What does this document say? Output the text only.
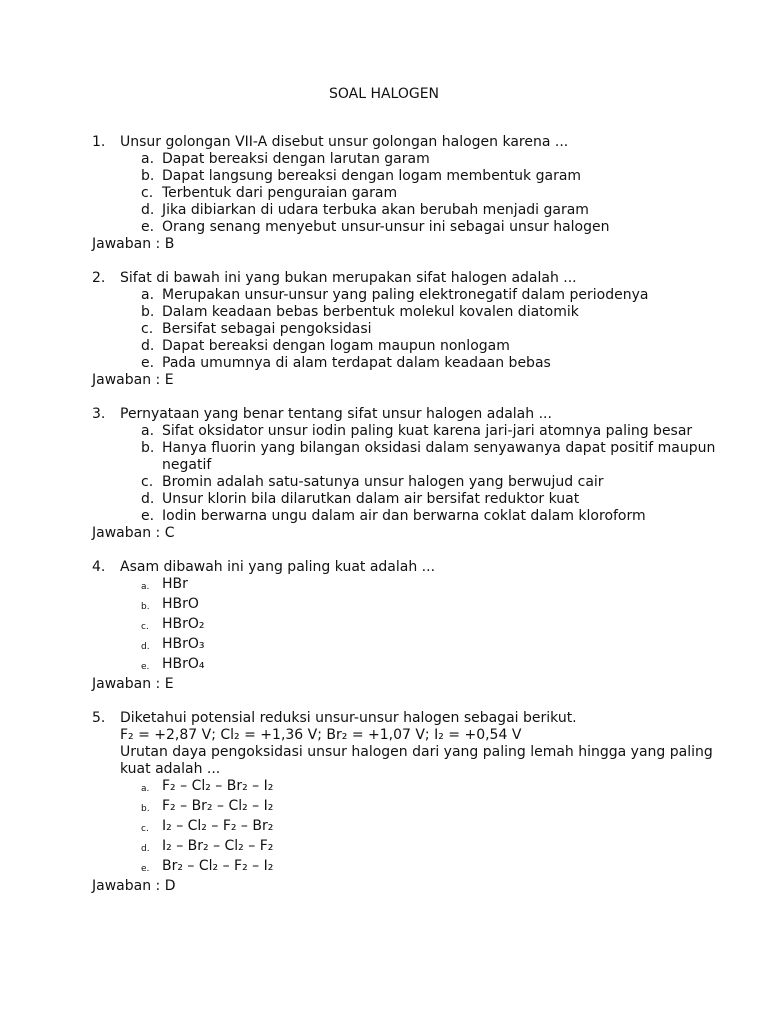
SOAL HALOGEN
1.	Unsur golongan VII-A disebut unsur golongan halogen karena ...
a. Dapat bereaksi dengan larutan garam
b. Dapat langsung bereaksi dengan logam membentuk garam
c. Terbentuk dari penguraian garam
d. Jika dibiarkan di udara terbuka akan berubah menjadi garam
e. Orang senang menyebut unsur-unsur ini sebagai unsur halogen
Jawaban : B
2.	Sifat di bawah ini yang bukan merupakan sifat halogen adalah ...
a. Merupakan unsur-unsur yang paling elektronegatif dalam periodenya
b. Dalam keadaan bebas berbentuk molekul kovalen diatomik
c. Bersifat sebagai pengoksidasi
d. Dapat bereaksi dengan logam maupun nonlogam
e. Pada umumnya di alam terdapat dalam keadaan bebas
Jawaban : E
3.	Pernyataan yang benar tentang sifat unsur halogen adalah ...
a. Sifat oksidator unsur iodin paling kuat karena jari-jari atomnya paling besar
b. Hanya fluorin yang bilangan oksidasi dalam senyawanya dapat positif maupun negatif
c. Bromin adalah satu-satunya unsur halogen yang berwujud cair
d. Unsur klorin bila dilarutkan dalam air bersifat reduktor kuat
e. Iodin berwarna ungu dalam air dan berwarna coklat dalam kloroform
Jawaban : C
4.	Asam dibawah ini yang paling kuat adalah ...
a. HBr
b. HBrO
c. HBrO₂
d. HBrO₃
e. HBrO₄
Jawaban : E
5.	Diketahui potensial reduksi unsur-unsur halogen sebagai berikut.
F₂ = +2,87 V; Cl₂ = +1,36 V; Br₂ = +1,07 V; I₂ = +0,54 V
Urutan daya pengoksidasi unsur halogen dari yang paling lemah hingga yang paling kuat adalah ...
a. F₂ – Cl₂ – Br₂ – I₂
b. F₂ – Br₂ – Cl₂ – I₂
c. I₂ – Cl₂ – F₂ – Br₂
d. I₂ – Br₂ – Cl₂ – F₂
e. Br₂ – Cl₂ – F₂ – I₂
Jawaban : D
